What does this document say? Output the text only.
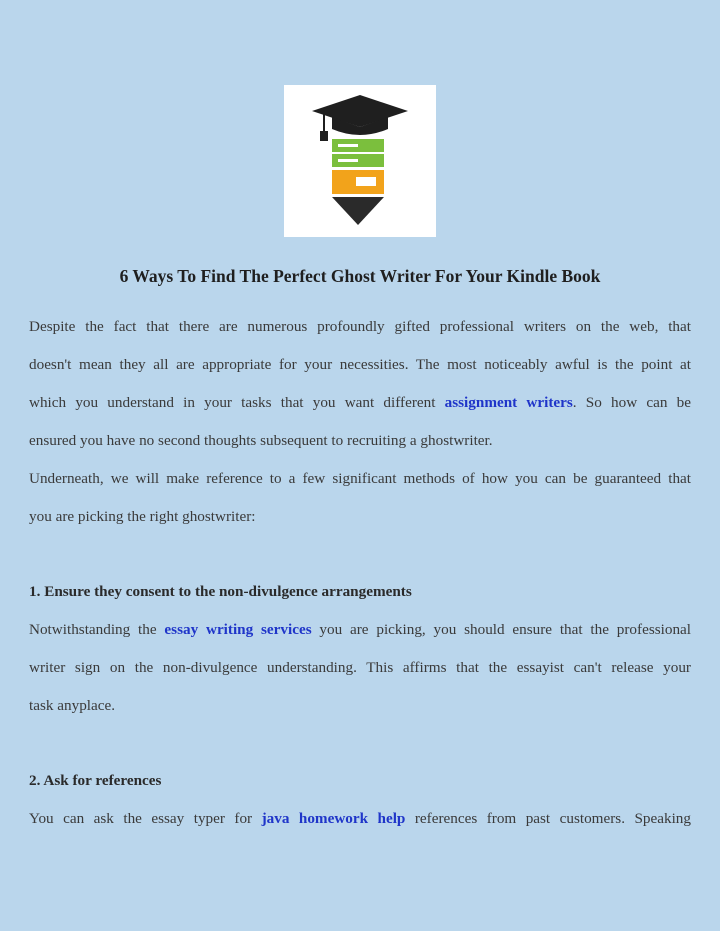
6 Ways To Find The Perfect Ghost Writer For Your Kindle Book

Despite the fact that there are numerous profoundly gifted professional writers on the web, that

doesn't mean they all are appropriate for your necessities. The most noticeably awful is the point at

which you understand in your tasks that you want different assignment writers. So how can be

ensured you have no second thoughts subsequent to recruiting a ghostwriter.

Underneath, we will make reference to a few significant methods of how you can be guaranteed that

you are picking the right ghostwriter:

1. Ensure they consent to the non-divulgence arrangements

Notwithstanding the essay writing services you are picking, you should ensure that the professional

writer sign on the non-divulgence understanding. This affirms that the essayist can't release your

task anyplace.

2. Ask for references

You can ask the essay typer for java homework help references from past customers. Speaking
